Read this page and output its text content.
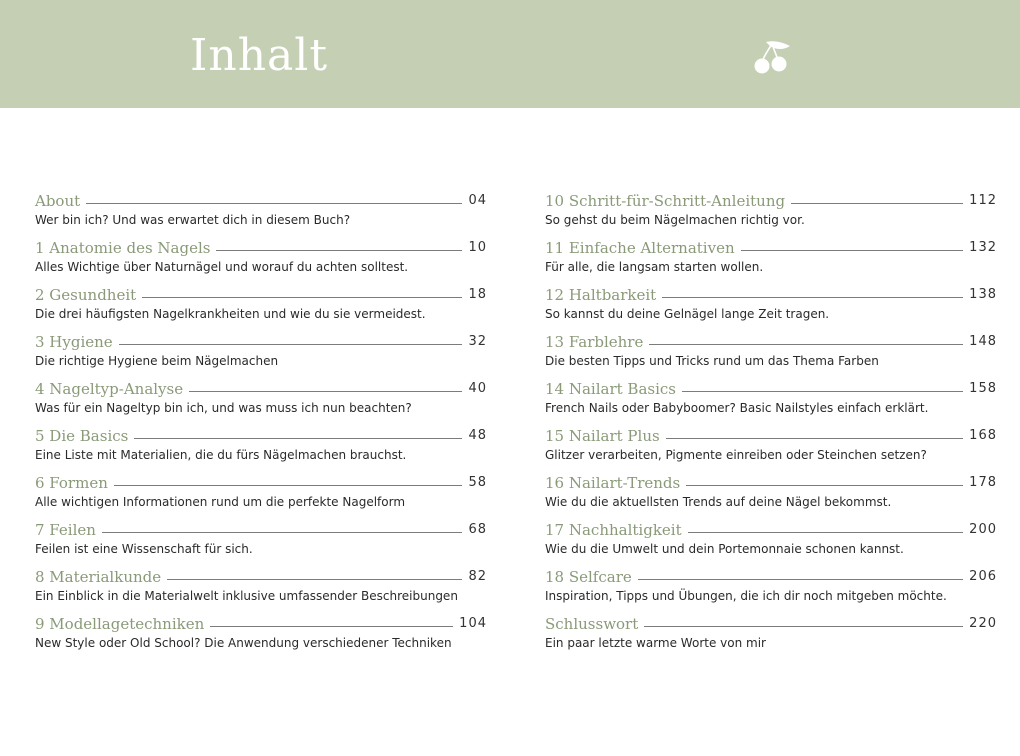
Inhalt
About	04
Wer bin ich? Und was erwartet dich in diesem Buch?
1 Anatomie des Nagels	10
Alles Wichtige über Naturnägel und worauf du achten solltest.
2 Gesundheit	18
Die drei häufigsten Nagelkrankheiten und wie du sie vermeidest.
3 Hygiene	32
Die richtige Hygiene beim Nägelmachen
4 Nageltyp-Analyse	40
Was für ein Nageltyp bin ich, und was muss ich nun beachten?
5 Die Basics	48
Eine Liste mit Materialien, die du fürs Nägelmachen brauchst.
6 Formen	58
Alle wichtigen Informationen rund um die perfekte Nagelform
7 Feilen	68
Feilen ist eine Wissenschaft für sich.
8 Materialkunde	82
Ein Einblick in die Materialwelt inklusive umfassender Beschreibungen
9 Modellagetechniken	104
New Style oder Old School? Die Anwendung verschiedener Techniken
10 Schritt-für-Schritt-Anleitung	112
So gehst du beim Nägelmachen richtig vor.
11 Einfache Alternativen	132
Für alle, die langsam starten wollen.
12 Haltbarkeit	138
So kannst du deine Gelnägel lange Zeit tragen.
13 Farblehre	148
Die besten Tipps und Tricks rund um das Thema Farben
14 Nailart Basics	158
French Nails oder Babyboomer? Basic Nailstyles einfach erklärt.
15 Nailart Plus	168
Glitzer verarbeiten, Pigmente einreiben oder Steinchen setzen?
16 Nailart-Trends	178
Wie du die aktuellsten Trends auf deine Nägel bekommst.
17 Nachhaltigkeit	200
Wie du die Umwelt und dein Portemonnaie schonen kannst.
18 Selfcare	206
Inspiration, Tipps und Übungen, die ich dir noch mitgeben möchte.
Schlusswort	220
Ein paar letzte warme Worte von mir
